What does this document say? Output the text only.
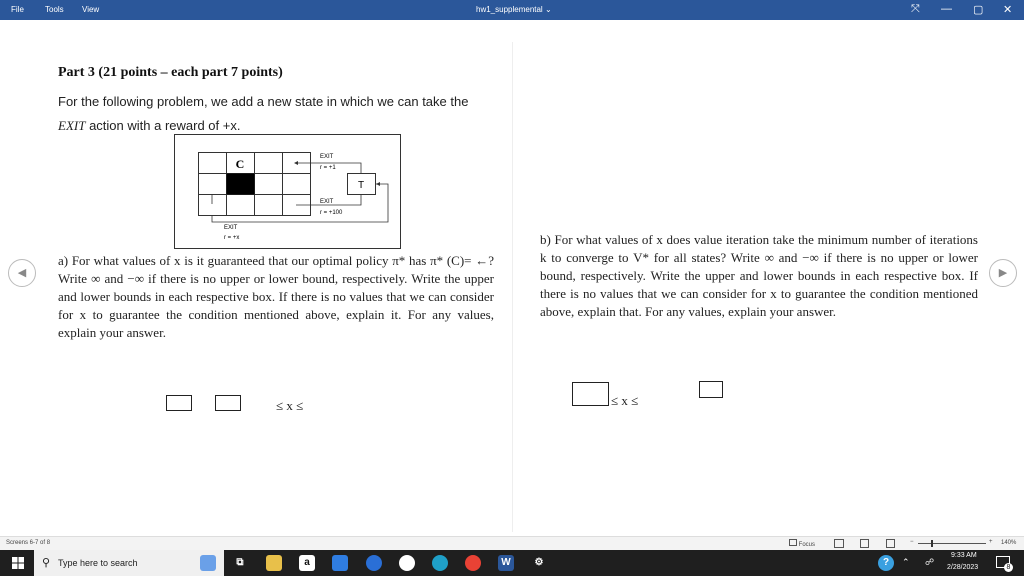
File	Tools View	hw1_supplemental ⌄	⤧ — ▢ ✕
Part 3 (21 points – each part 7 points)
For the following problem, we add a new state in which we can take the
EXIT action with a reward of +x.
C
T
EXIT
r = +1
EXIT
r = +100
EXIT
r = +x
a) For what values of x is it guaranteed that our optimal policy π* has π* (C)= ←? Write ∞ and −∞ if there is no upper or lower bound, respectively. Write the upper and lower bounds in each respective box. If there is no values that we can consider for x to guarantee the condition mentioned above, explain it. For any values, explain your answer.
≤ x ≤
b) For what values of x does value iteration take the minimum number of iterations k to converge to V* for all states? Write ∞ and −∞ if there is no upper or lower bound, respectively. Write the upper and lower bounds in each respective box. If there is no values that we can consider for x to guarantee the condition mentioned above, explain that. For any values, explain your answer.
≤ x ≤
◀	▶
Screens 6-7 of 8	Focus	−	+ 140%
⚲ Type here to search	⧉	a	W	⚙	?	⌃ ☍
9:33 AM
2/28/2023	8
